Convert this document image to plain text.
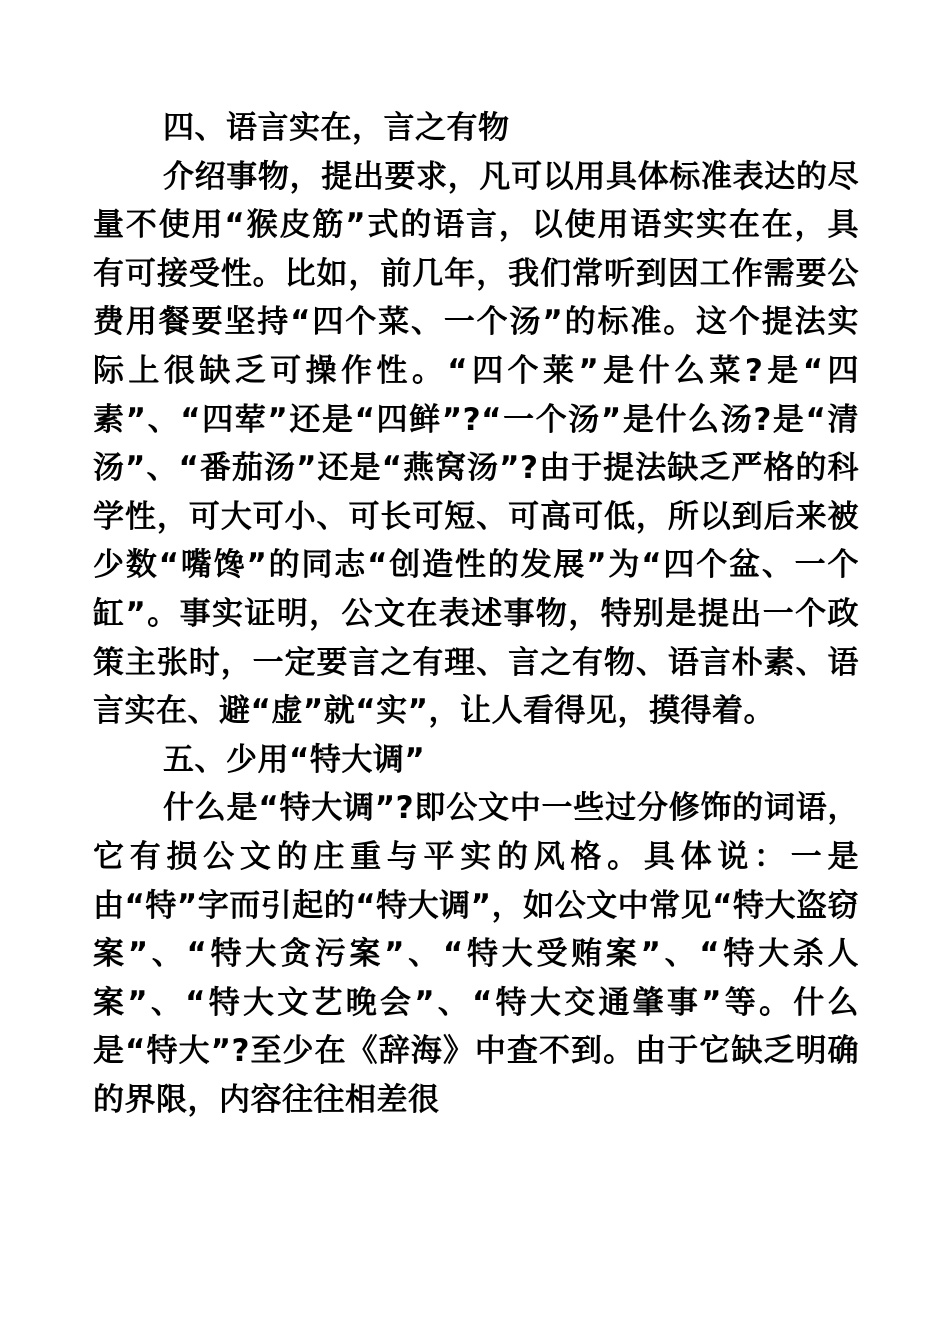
四、语言实在，言之有物

介绍事物，提出要求，凡可以用具体标准表达的尽量不使用“猴皮筋”式的语言，以使用语实实在在，具有可接受性。比如，前几年，我们常听到因工作需要公费用餐要坚持“四个菜、一个汤”的标准。这个提法实际上很缺乏可操作性。“四个莱”是什么菜?是“四素”、“四荤”还是“四鲜”?“一个汤”是什么汤?是“清汤”、“番茄汤”还是“燕窝汤”?由于提法缺乏严格的科学性，可大可小、可长可短、可高可低，所以到后来被少数“嘴馋”的同志“创造性的发展”为“四个盆、一个缸”。事实证明，公文在表述事物，特别是提出一个政策主张时，一定要言之有理、言之有物、语言朴素、语言实在、避“虚”就“实”，让人看得见，摸得着。

五、少用“特大调”

什么是“特大调”?即公文中一些过分修饰的词语，它有损公文的庄重与平实的风格。具体说：一是由“特”字而引起的“特大调”，如公文中常见“特大盗窃案”、“特大贪污案”、“特大受贿案”、“特大杀人案”、“特大文艺晚会”、“特大交通肇事”等。什么是“特大”?至少在《辞海》中查不到。由于它缺乏明确的界限，内容往往相差很
